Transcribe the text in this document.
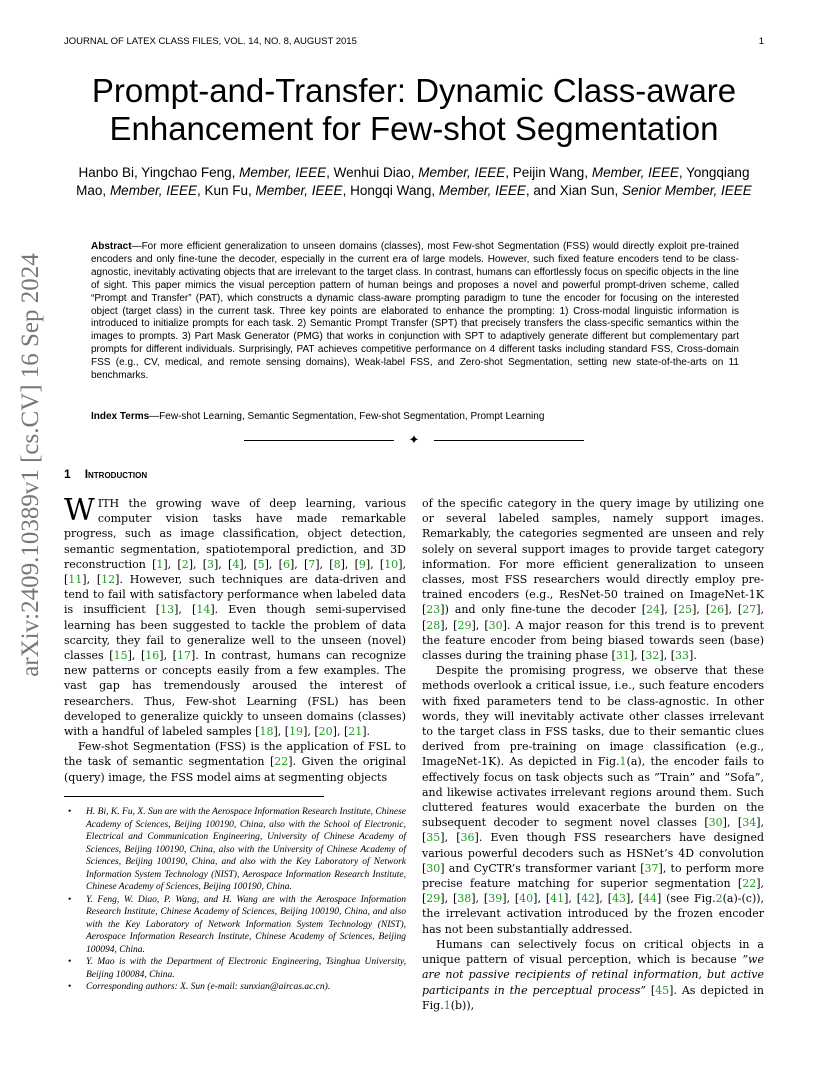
JOURNAL OF LATEX CLASS FILES, VOL. 14, NO. 8, AUGUST 2015	1
arXiv:2409.10389v1 [cs.CV] 16 Sep 2024
Prompt-and-Transfer: Dynamic Class-aware Enhancement for Few-shot Segmentation
Hanbo Bi, Yingchao Feng, Member, IEEE, Wenhui Diao, Member, IEEE, Peijin Wang, Member, IEEE, Yongqiang Mao, Member, IEEE, Kun Fu, Member, IEEE, Hongqi Wang, Member, IEEE, and Xian Sun, Senior Member, IEEE
Abstract—For more efficient generalization to unseen domains (classes), most Few-shot Segmentation (FSS) would directly exploit pre-trained encoders and only fine-tune the decoder, especially in the current era of large models. However, such fixed feature encoders tend to be class-agnostic, inevitably activating objects that are irrelevant to the target class. In contrast, humans can effortlessly focus on specific objects in the line of sight. This paper mimics the visual perception pattern of human beings and proposes a novel and powerful prompt-driven scheme, called “Prompt and Transfer” (PAT), which constructs a dynamic class-aware prompting paradigm to tune the encoder for focusing on the interested object (target class) in the current task. Three key points are elaborated to enhance the prompting: 1) Cross-modal linguistic information is introduced to initialize prompts for each task. 2) Semantic Prompt Transfer (SPT) that precisely transfers the class-specific semantics within the images to prompts. 3) Part Mask Generator (PMG) that works in conjunction with SPT to adaptively generate different but complementary part prompts for different individuals. Surprisingly, PAT achieves competitive performance on 4 different tasks including standard FSS, Cross-domain FSS (e.g., CV, medical, and remote sensing domains), Weak-label FSS, and Zero-shot Segmentation, setting new state-of-the-arts on 11 benchmarks.
Index Terms—Few-shot Learning, Semantic Segmentation, Few-shot Segmentation, Prompt Learning
✦
1 Introduction

WITH the growing wave of deep learning, various computer vision tasks have made remarkable progress, such as image classification, object detection, semantic segmentation, spatiotemporal prediction, and 3D reconstruction [1], [2], [3], [4], [5], [6], [7], [8], [9], [10], [11], [12]. However, such techniques are data-driven and tend to fail with satisfactory performance when labeled data is insufficient [13], [14]. Even though semi-supervised learning has been suggested to tackle the problem of data scarcity, they fail to generalize well to the unseen (novel) classes [15], [16], [17]. In contrast, humans can recognize new patterns or concepts easily from a few examples. The vast gap has tremendously aroused the interest of researchers. Thus, Few-shot Learning (FSL) has been developed to generalize quickly to unseen domains (classes) with a handful of labeled samples [18], [19], [20], [21].

Few-shot Segmentation (FSS) is the application of FSL to the task of semantic segmentation [22]. Given the original (query) image, the FSS model aims at segmenting objects

• H. Bi, K. Fu, X. Sun are with the Aerospace Information Research Institute, Chinese Academy of Sciences, Beijing 100190, China, also with the School of Electronic, Electrical and Communication Engineering, University of Chinese Academy of Sciences, Beijing 100190, China, also with the University of Chinese Academy of Sciences, Beijing 100190, China, and also with the Key Laboratory of Network Information System Technology (NIST), Aerospace Information Research Institute, Chinese Academy of Sciences, Beijing 100190, China.
• Y. Feng, W. Diao, P. Wang, and H. Wang are with the Aerospace Information Research Institute, Chinese Academy of Sciences, Beijing 100190, China, and also with the Key Laboratory of Network Information System Technology (NIST), Aerospace Information Research Institute, Chinese Academy of Sciences, Beijing 100094, China.
• Y. Mao is with the Department of Electronic Engineering, Tsinghua University, Beijing 100084, China.
• Corresponding authors: X. Sun (e-mail: sunxian@aircas.ac.cn).

of the specific category in the query image by utilizing one or several labeled samples, namely support images. Remarkably, the categories segmented are unseen and rely solely on several support images to provide target category information. For more efficient generalization to unseen classes, most FSS researchers would directly employ pre-trained encoders (e.g., ResNet-50 trained on ImageNet-1K [23]) and only fine-tune the decoder [24], [25], [26], [27], [28], [29], [30]. A major reason for this trend is to prevent the feature encoder from being biased towards seen (base) classes during the training phase [31], [32], [33].

Despite the promising progress, we observe that these methods overlook a critical issue, i.e., such feature encoders with fixed parameters tend to be class-agnostic. In other words, they will inevitably activate other classes irrelevant to the target class in FSS tasks, due to their semantic clues derived from pre-training on image classification (e.g., ImageNet-1K). As depicted in Fig.1(a), the encoder fails to effectively focus on task objects such as ”Train” and ”Sofa”, and likewise activates irrelevant regions around them. Such cluttered features would exacerbate the burden on the subsequent decoder to segment novel classes [30], [34], [35], [36]. Even though FSS researchers have designed various powerful decoders such as HSNet’s 4D convolution [30] and CyCTR’s transformer variant [37], to perform more precise feature matching for superior segmentation [22], [29], [38], [39], [40], [41], [42], [43], [44] (see Fig.2(a)-(c)), the irrelevant activation introduced by the frozen encoder has not been substantially addressed.

Humans can selectively focus on critical objects in a unique pattern of visual perception, which is because ”we are not passive recipients of retinal information, but active participants in the perceptual process” [45]. As depicted in Fig.1(b)),
